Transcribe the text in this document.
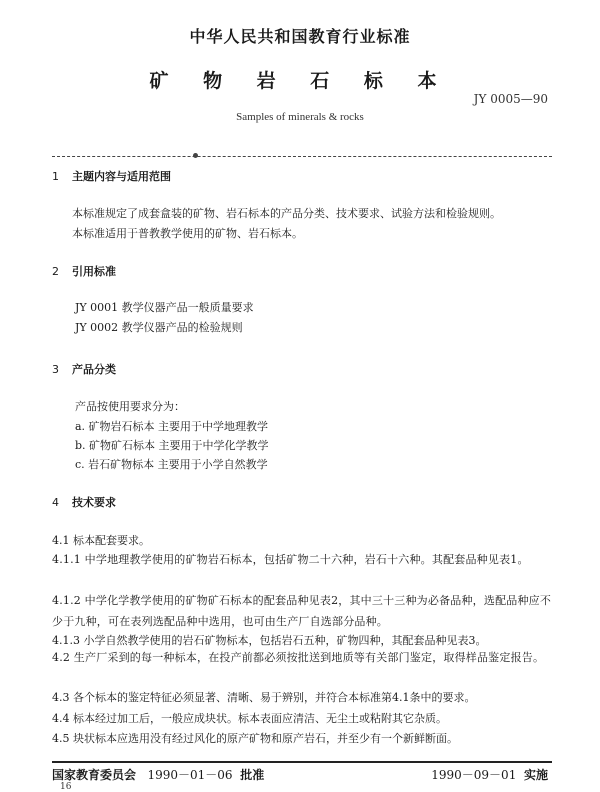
中华人民共和国教育行业标准
矿 物 岩 石 标 本
JY 0005—90
Samples of minerals & rocks
1 主题内容与适用范围
本标准规定了成套盒装的矿物、岩石标本的产品分类、技术要求、试验方法和检验规则。
本标准适用于普教教学使用的矿物、岩石标本。
2 引用标准
JY 0001 教学仪器产品一般质量要求
JY 0002 教学仪器产品的检验规则
3 产品分类
产品按使用要求分为：
a. 矿物岩石标本 主要用于中学地理教学
b. 矿物矿石标本 主要用于中学化学教学
c. 岩石矿物标本 主要用于小学自然教学
4 技术要求
4.1 标本配套要求。
4.1.1 中学地理教学使用的矿物岩石标本，包括矿物二十六种，岩石十六种。其配套品种见表1。
4.1.2 中学化学教学使用的矿物矿石标本的配套品种见表2，其中三十三种为必备品种，选配品种应不少于九种，可在表列选配品种中选用，也可由生产厂自选部分品种。
4.1.3 小学自然教学使用的岩石矿物标本，包括岩石五种，矿物四种，其配套品种见表3。
4.2 生产厂采到的每一种标本，在投产前都必须按批送到地质等有关部门鉴定，取得样品鉴定报告。
4.3 各个标本的鉴定特征必须显著、清晰、易于辨别，并符合本标准第4.1条中的要求。
4.4 标本经过加工后，一般应成块状。标本表面应清洁、无尘土或粘附其它杂质。
4.5 块状标本应选用没有经过风化的原产矿物和原产岩石，并至少有一个新鲜断面。
国家教育委员会 1990－01－06 批准	1990－09－01 实施
16
